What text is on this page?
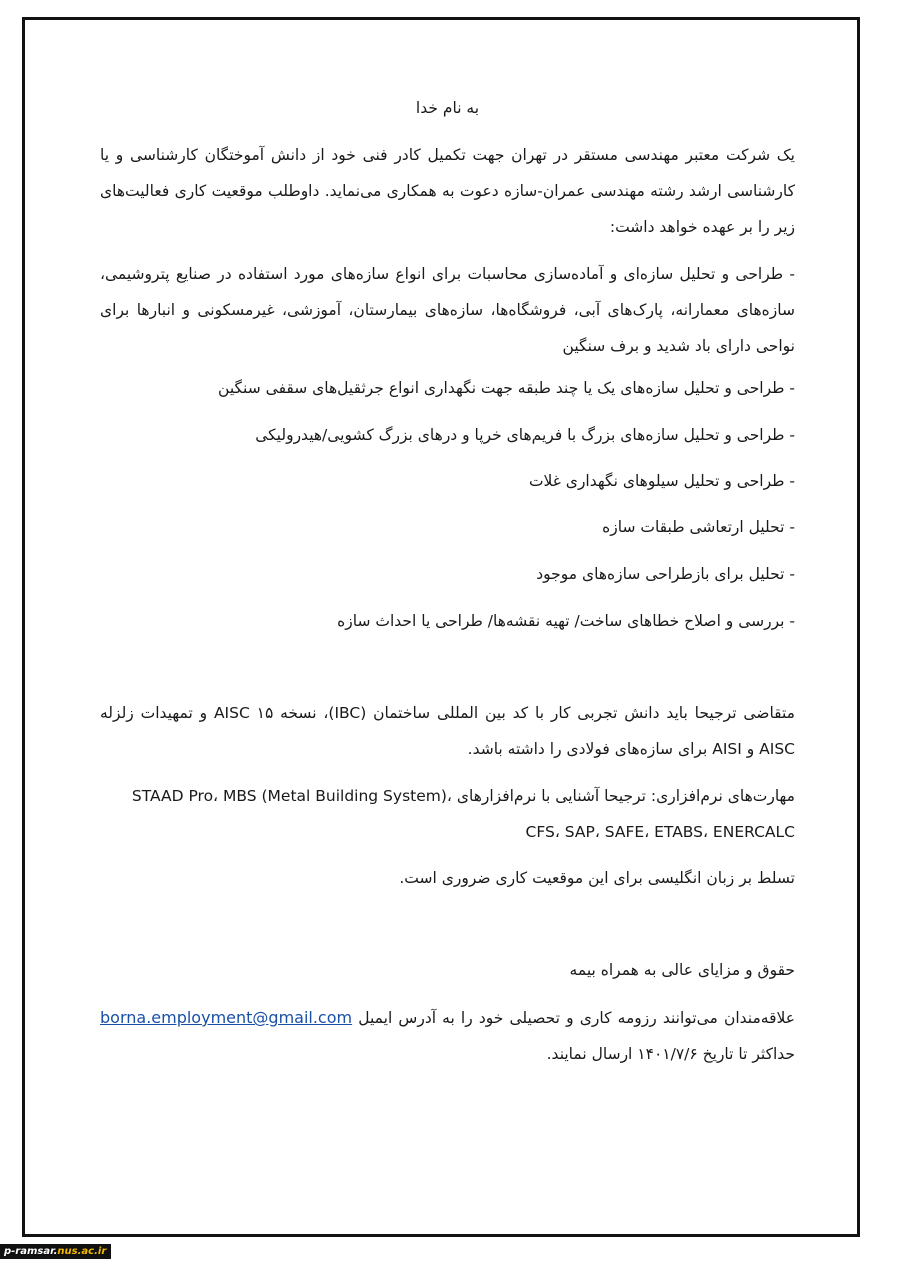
به نام خدا

یک شرکت معتبر مهندسی مستقر در تهران جهت تکمیل کادر فنی خود از دانش آموختگان کارشناسی و یا کارشناسی ارشد رشته مهندسی عمران-سازه دعوت به همکاری می‌نماید. داوطلب موقعیت کاری فعالیت‌های زیر را بر عهده خواهد داشت:

- طراحی و تحلیل سازه‌ای و آماده‌سازی محاسبات برای انواع سازه‌های مورد استفاده در صنایع پتروشیمی، سازه‌های معمارانه، پارک‌های آبی، فروشگاه‌ها، سازه‌های بیمارستان، آموزشی، غیرمسکونی و انبارها برای نواحی دارای باد شدید و برف سنگین

- طراحی و تحلیل سازه‌های یک یا چند طبقه جهت نگهداری انواع جرثقیل‌های سقفی سنگین

- طراحی و تحلیل سازه‌های بزرگ با فریم‌های خرپا و درهای بزرگ کشویی/هیدرولیکی

- طراحی و تحلیل سیلوهای نگهداری غلات

- تحلیل ارتعاشی طبقات سازه

- تحلیل برای بازطراحی سازه‌های موجود

- بررسی و اصلاح خطاهای ساخت/ تهیه نقشه‌ها/ طراحی یا احداث سازه

متقاضی ترجیحا باید دانش تجربی کار با کد بین المللی ساختمان (IBC)، نسخه ۱۵ AISC و تمهیدات زلزله AISC و AISI برای سازه‌های فولادی را داشته باشد.

مهارت‌های نرم‌افزاری: ترجیحا آشنایی با نرم‌افزارهای STAAD Pro، MBS (Metal Building System)، CFS، SAP، SAFE، ETABS، ENERCALC

تسلط بر زبان انگلیسی برای این موقعیت کاری ضروری است.

حقوق و مزایای عالی به همراه بیمه

علاقه‌مندان می‌توانند رزومه کاری و تحصیلی خود را به آدرس ایمیل borna.employment@gmail.com حداکثر تا تاریخ ۱۴۰۱/۷/۶ ارسال نمایند.

p-ramsar.nus.ac.ir
